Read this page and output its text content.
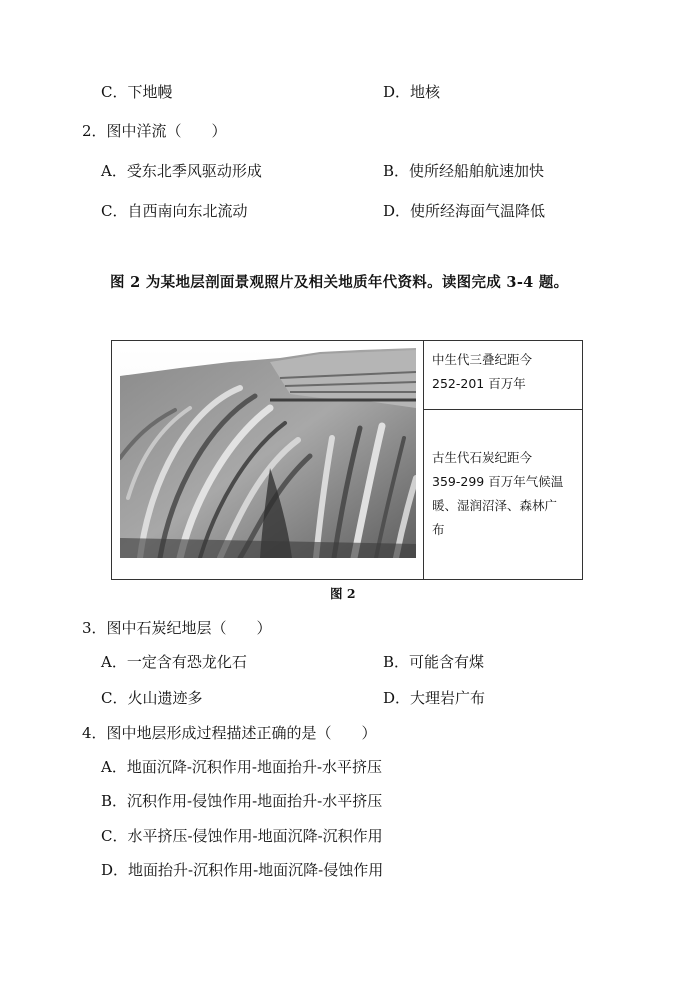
C．下地幔	D．地核
2．图中洋流（　　）
A．受东北季风驱动形成	B．使所经船舶航速加快
C．自西南向东北流动	D．使所经海面气温降低
图 2 为某地层剖面景观照片及相关地质年代资料。读图完成 3-4 题。
中生代三叠纪距今
252-201 百万年
古生代石炭纪距今
359-299 百万年气候温
暖、湿润沼泽、森林广
布
图 2
3．图中石炭纪地层（　　）
A．一定含有恐龙化石	B．可能含有煤
C．火山遗迹多	D．大理岩广布
4．图中地层形成过程描述正确的是（　　）
A．地面沉降-沉积作用-地面抬升-水平挤压
B．沉积作用-侵蚀作用-地面抬升-水平挤压
C．水平挤压-侵蚀作用-地面沉降-沉积作用
D．地面抬升-沉积作用-地面沉降-侵蚀作用
